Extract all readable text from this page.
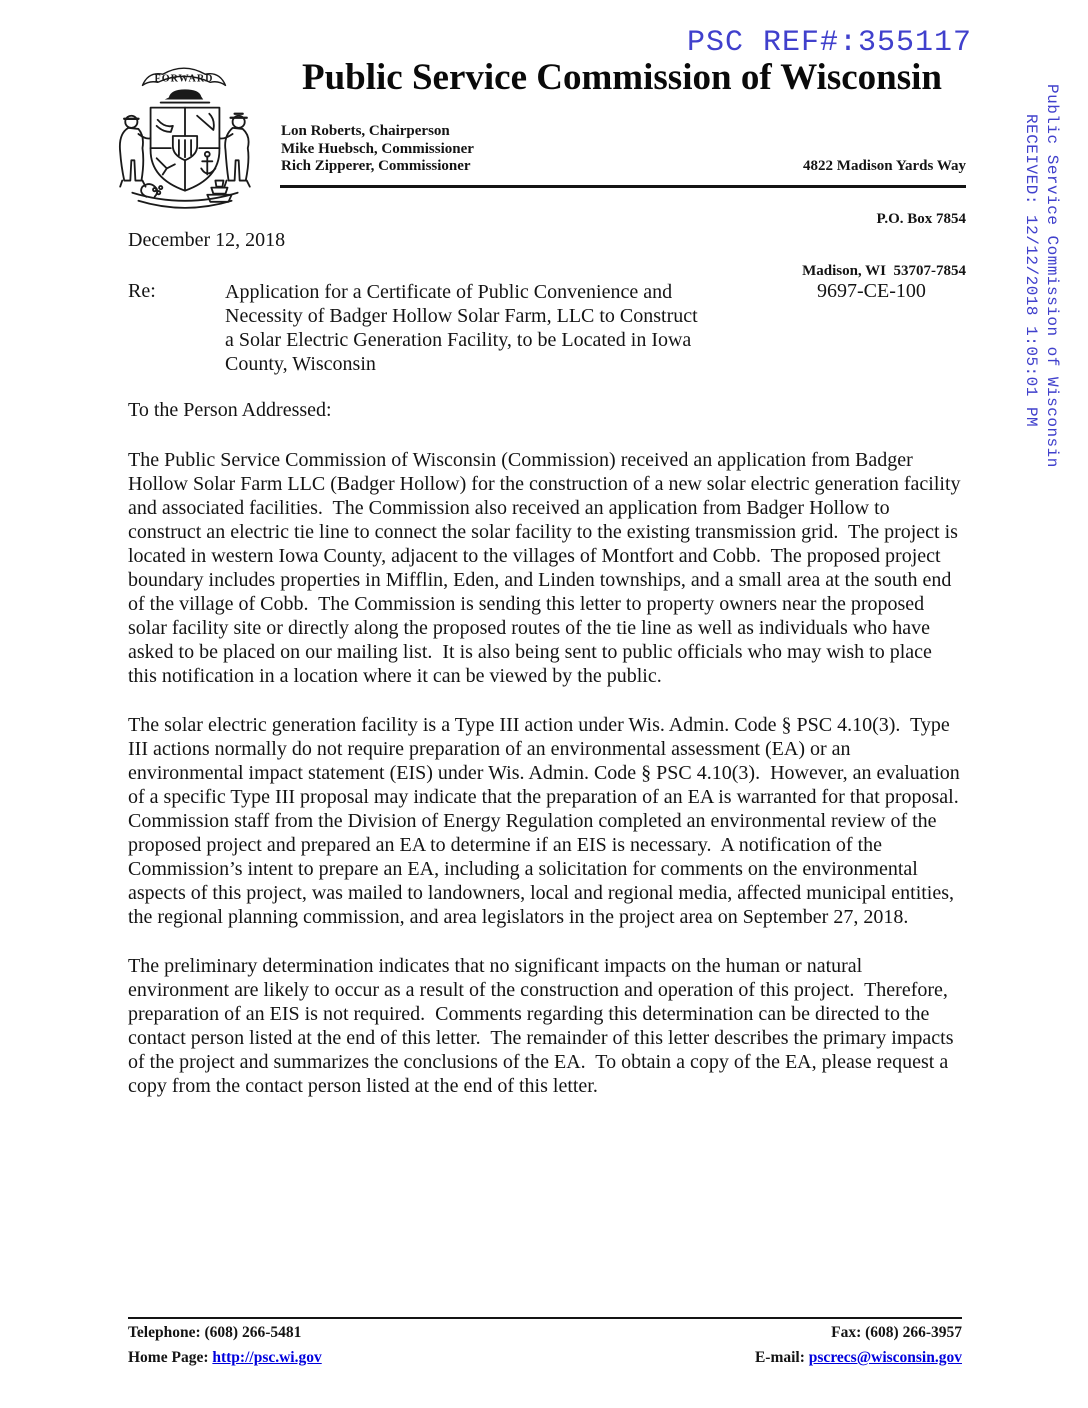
PSC REF#:355117
Public Service Commission of Wisconsin
RECEIVED: 12/12/2018 1:05:01 PM
FORWARD	Public Service Commission of Wisconsin
Lon Roberts, Chairperson
Mike Huebsch, Commissioner
Rich Zipperer, Commissioner

	4822 Madison Yards Way

P.O. Box 7854

Madison, WI  53707-7854

December 12, 2018
Re:	Application for a Certificate of Public Convenience and
Necessity of Badger Hollow Solar Farm, LLC to Construct
a Solar Electric Generation Facility, to be Located in Iowa
County, Wisconsin
9697-CE-100
To the Person Addressed:

The Public Service Commission of Wisconsin (Commission) received an application from Badger Hollow Solar Farm LLC (Badger Hollow) for the construction of a new solar electric generation facility and associated facilities.  The Commission also received an application from Badger Hollow to construct an electric tie line to connect the solar facility to the existing transmission grid.  The project is located in western Iowa County, adjacent to the villages of Montfort and Cobb.  The proposed project boundary includes properties in Mifflin, Eden, and Linden townships, and a small area at the south end of the village of Cobb.  The Commission is sending this letter to property owners near the proposed solar facility site or directly along the proposed routes of the tie line as well as individuals who have asked to be placed on our mailing list.  It is also being sent to public officials who may wish to place this notification in a location where it can be viewed by the public.

The solar electric generation facility is a Type III action under Wis. Admin. Code § PSC 4.10(3).  Type III actions normally do not require preparation of an environmental assessment (EA) or an environmental impact statement (EIS) under Wis. Admin. Code § PSC 4.10(3).  However, an evaluation of a specific Type III proposal may indicate that the preparation of an EA is warranted for that proposal.  Commission staff from the Division of Energy Regulation completed an environmental review of the proposed project and prepared an EA to determine if an EIS is necessary.  A notification of the Commission’s intent to prepare an EA, including a solicitation for comments on the environmental aspects of this project, was mailed to landowners, local and regional media, affected municipal entities, the regional planning commission, and area legislators in the project area on September 27, 2018.

The preliminary determination indicates that no significant impacts on the human or natural environment are likely to occur as a result of the construction and operation of this project.  Therefore, preparation of an EIS is not required.  Comments regarding this determination can be directed to the contact person listed at the end of this letter.  The remainder of this letter describes the primary impacts of the project and summarizes the conclusions of the EA.  To obtain a copy of the EA, please request a copy from the contact person listed at the end of this letter.

Telephone: (608) 266-5481	Fax: (608) 266-3957
Home Page: http://psc.wi.gov	E-mail: pscrecs@wisconsin.gov
